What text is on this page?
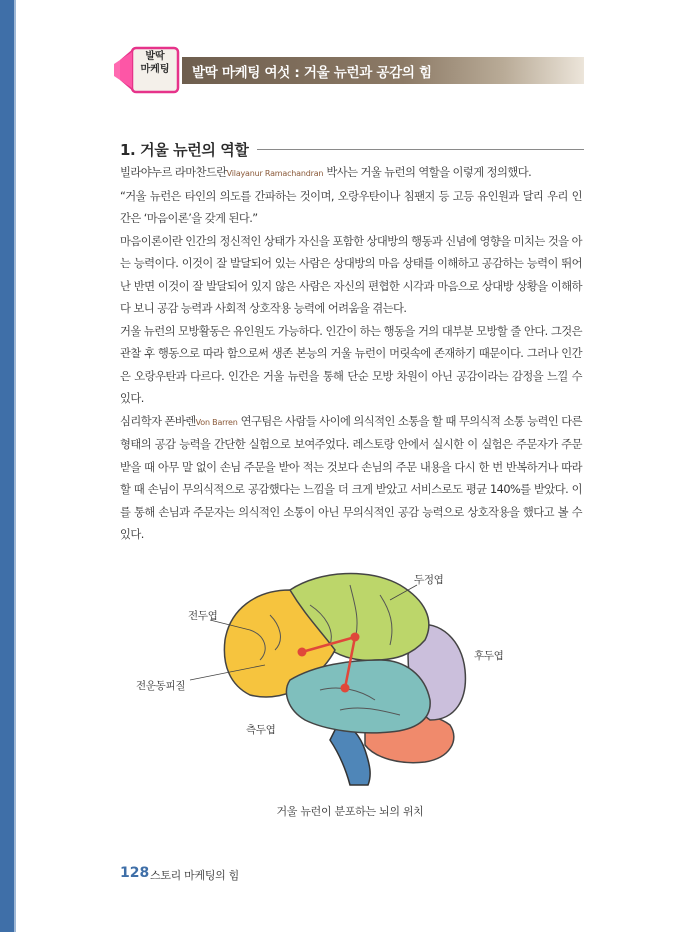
발딱
마케팅	발딱 마케팅 여섯 : 거울 뉴런과 공감의 힘
1. 거울 뉴런의 역할

빌라야누르 라마찬드란Vilayanur Ramachandran 박사는 거울 뉴런의 역할을 이렇게 정의했다.

“거울 뉴런은 타인의 의도를 간파하는 것이며, 오랑우탄이나 침팬지 등 고등 유인원과 달리 우리 인간은 ‘마음이론’을 갖게 된다.”

마음이론이란 인간의 정신적인 상태가 자신을 포함한 상대방의 행동과 신념에 영향을 미치는 것을 아는 능력이다. 이것이 잘 발달되어 있는 사람은 상대방의 마음 상태를 이해하고 공감하는 능력이 뛰어난 반면 이것이 잘 발달되어 있지 않은 사람은 자신의 편협한 시각과 마음으로 상대방 상황을 이해하다 보니 공감 능력과 사회적 상호작용 능력에 어려움을 겪는다.

거울 뉴런의 모방활동은 유인원도 가능하다. 인간이 하는 행동을 거의 대부분 모방할 줄 안다. 그것은 관찰 후 행동으로 따라 함으로써 생존 본능의 거울 뉴런이 머릿속에 존재하기 때문이다. 그러나 인간은 오랑우탄과 다르다. 인간은 거울 뉴런을 통해 단순 모방 차원이 아닌 공감이라는 감정을 느낄 수 있다.

심리학자 폰바렌Von Barren 연구팀은 사람들 사이에 의식적인 소통을 할 때 무의식적 소통 능력인 다른 형태의 공감 능력을 간단한 실험으로 보여주었다. 레스토랑 안에서 실시한 이 실험은 주문자가 주문받을 때 아무 말 없이 손님 주문을 받아 적는 것보다 손님의 주문 내용을 다시 한 번 반복하거나 따라 할 때 손님이 무의식적으로 공감했다는 느낌을 더 크게 받았고 서비스로도 평균 140%를 받았다. 이를 통해 손님과 주문자는 의식적인 소통이 아닌 무의식적인 공감 능력으로 상호작용을 했다고 볼 수 있다.

두정엽
전두엽
전운동피질
후두엽
측두엽
거울 뉴런이 분포하는 뇌의 위치
128 스토리 마케팅의 힘
